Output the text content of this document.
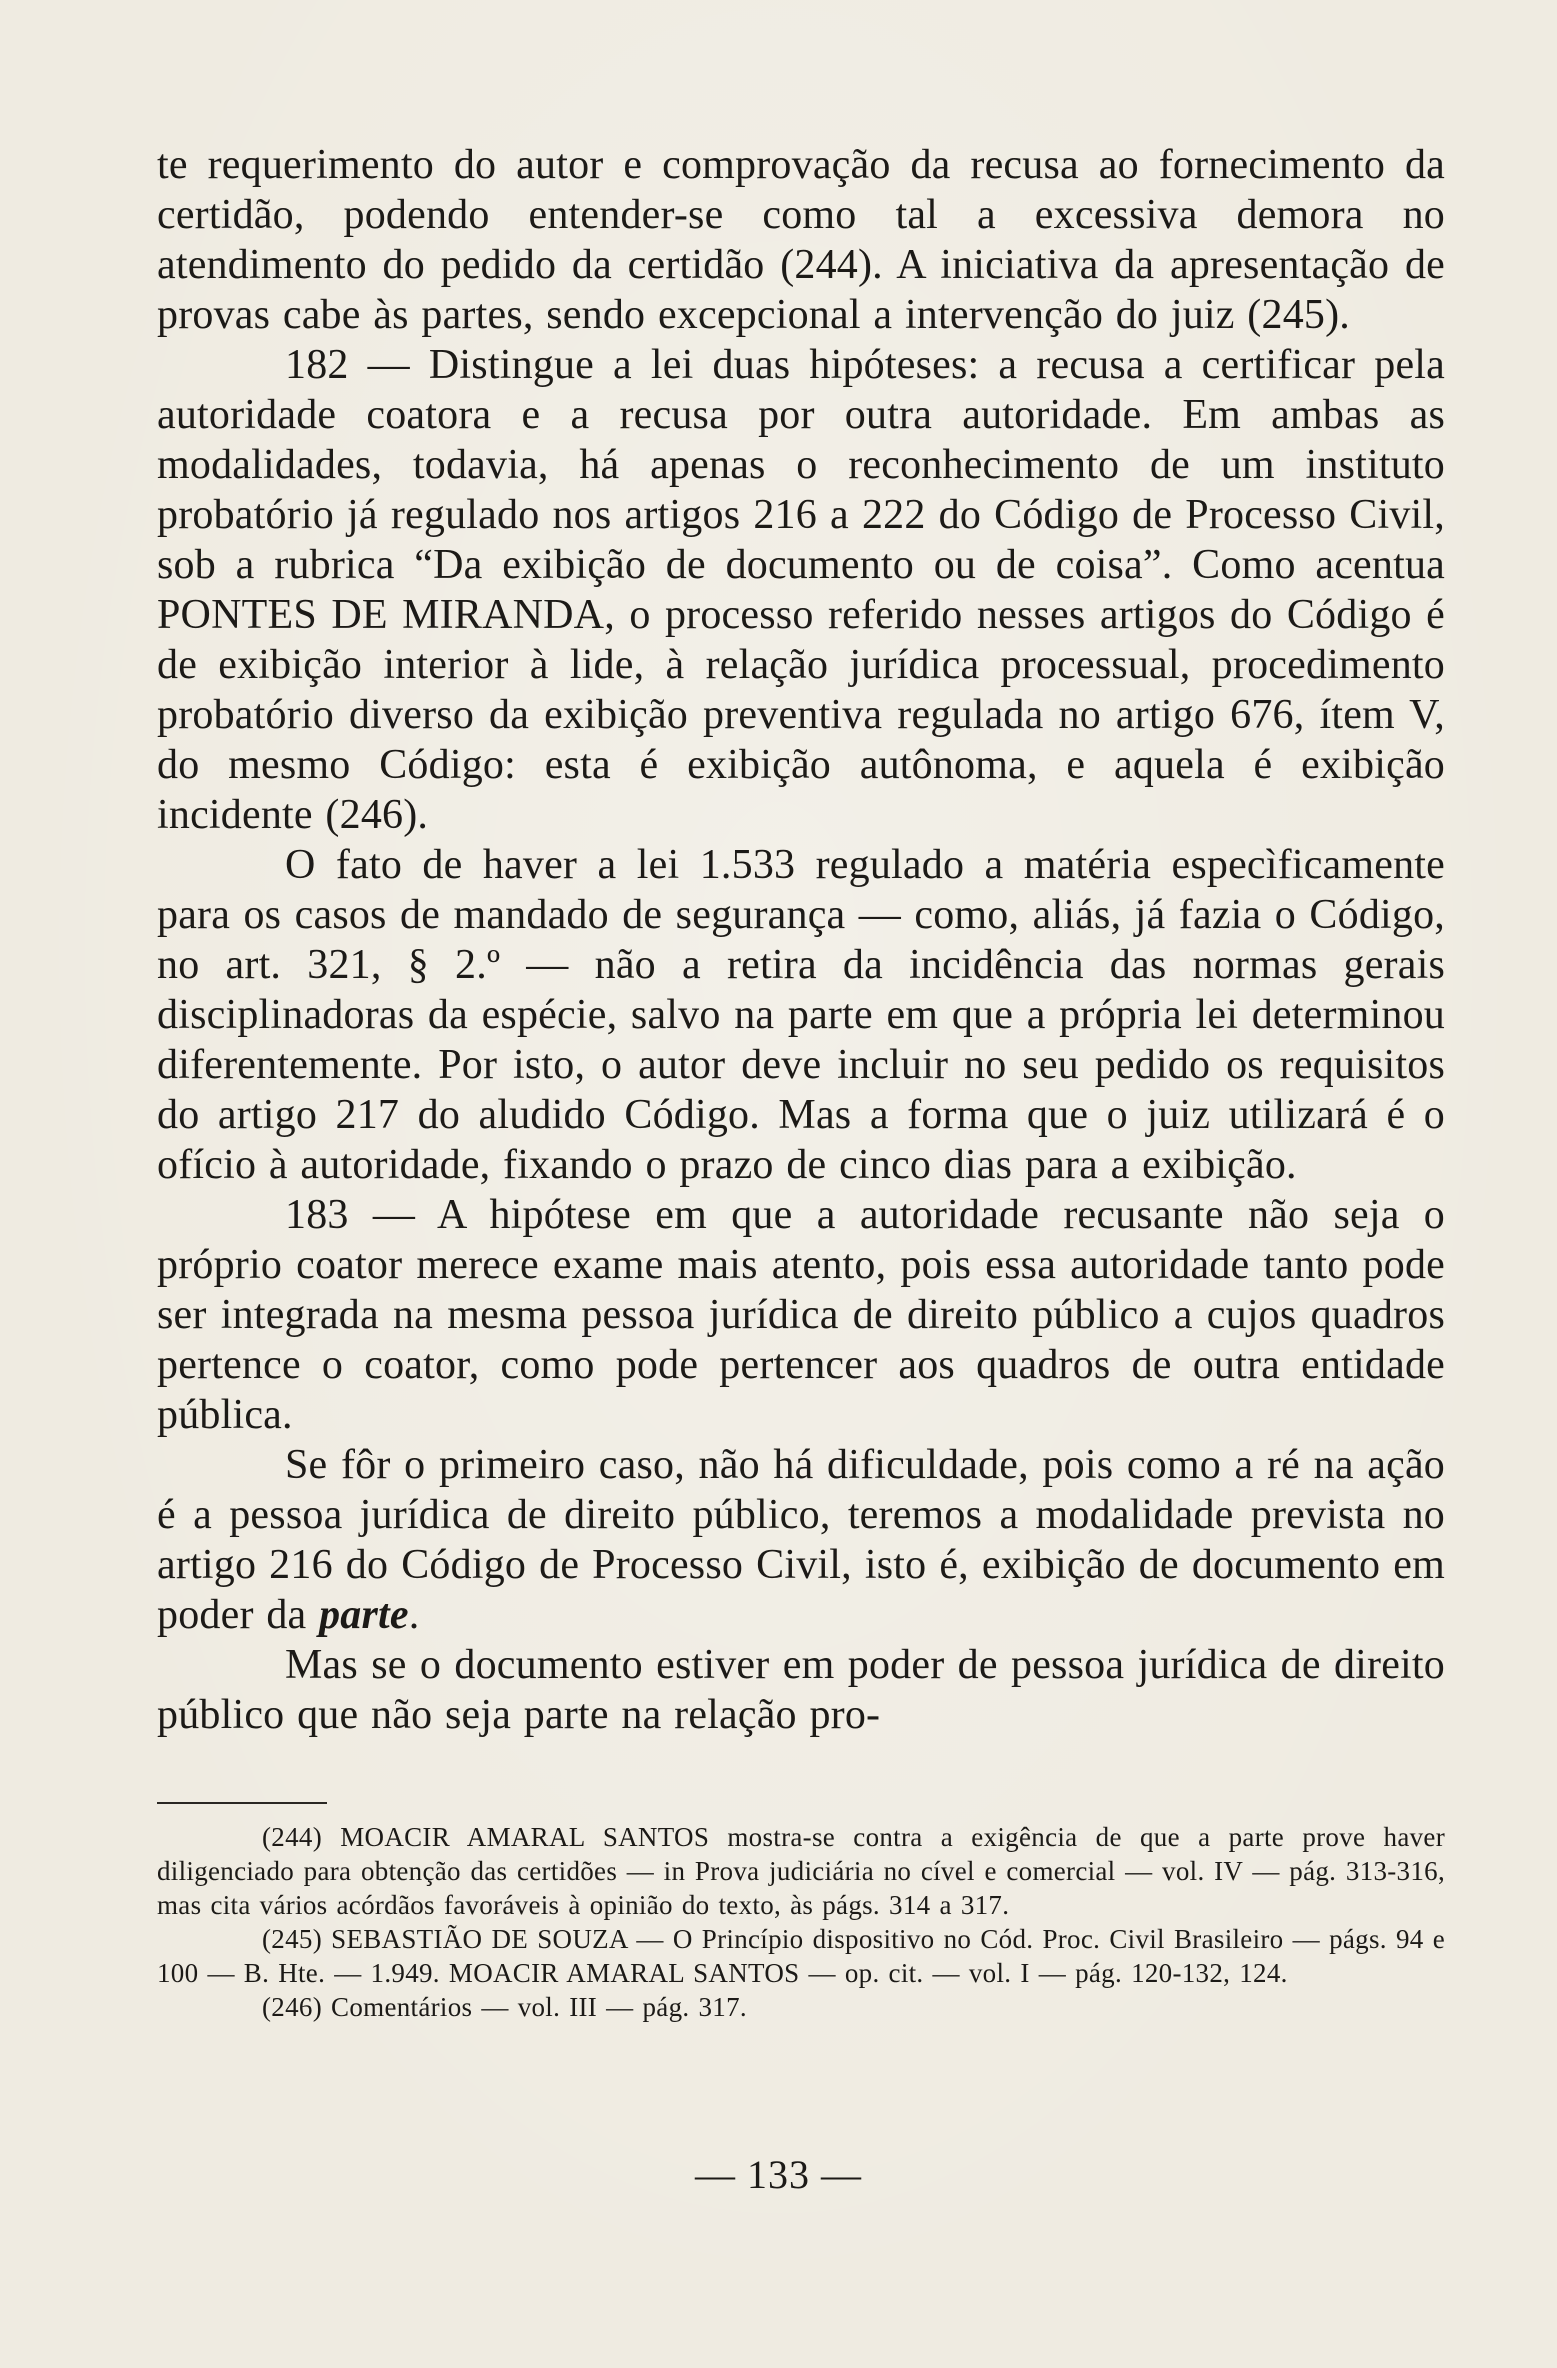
te requerimento do autor e comprovação da recusa ao fornecimento da certidão, podendo entender-se como tal a excessiva demora no atendimento do pedido da certidão (244). A iniciativa da apresentação de provas cabe às partes, sendo excepcional a intervenção do juiz (245).

182 — Distingue a lei duas hipóteses: a recusa a certificar pela autoridade coatora e a recusa por outra autoridade. Em ambas as modalidades, todavia, há apenas o reconhecimento de um instituto probatório já regulado nos artigos 216 a 222 do Código de Processo Civil, sob a rubrica “Da exibição de documento ou de coisa”. Como acentua PONTES DE MIRANDA, o processo referido nesses artigos do Código é de exibição interior à lide, à relação jurídica processual, procedimento probatório diverso da exibição preventiva regulada no artigo 676, ítem V, do mesmo Código: esta é exibição autônoma, e aquela é exibição incidente (246).

O fato de haver a lei 1.533 regulado a matéria especìficamente para os casos de mandado de segurança — como, aliás, já fazia o Código, no art. 321, § 2.º — não a retira da incidência das normas gerais disciplinadoras da espécie, salvo na parte em que a própria lei determinou diferentemente. Por isto, o autor deve incluir no seu pedido os requisitos do artigo 217 do aludido Código. Mas a forma que o juiz utilizará é o ofício à autoridade, fixando o prazo de cinco dias para a exibição.

183 — A hipótese em que a autoridade recusante não seja o próprio coator merece exame mais atento, pois essa autoridade tanto pode ser integrada na mesma pessoa jurídica de direito público a cujos quadros pertence o coator, como pode pertencer aos quadros de outra entidade pública.

Se fôr o primeiro caso, não há dificuldade, pois como a ré na ação é a pessoa jurídica de direito público, teremos a modalidade prevista no artigo 216 do Código de Processo Civil, isto é, exibição de documento em poder da parte.

Mas se o documento estiver em poder de pessoa jurídica de direito público que não seja parte na relação pro-

(244) MOACIR AMARAL SANTOS mostra-se contra a exigência de que a parte prove haver diligenciado para obtenção das certidões — in Prova judiciária no cível e comercial — vol. IV — pág. 313-316, mas cita vários acórdãos favoráveis à opinião do texto, às págs. 314 a 317.

(245) SEBASTIÃO DE SOUZA — O Princípio dispositivo no Cód. Proc. Civil Brasileiro — págs. 94 e 100 — B. Hte. — 1.949. MOACIR AMARAL SANTOS — op. cit. — vol. I — pág. 120-132, 124.

(246) Comentários — vol. III — pág. 317.

— 133 —
